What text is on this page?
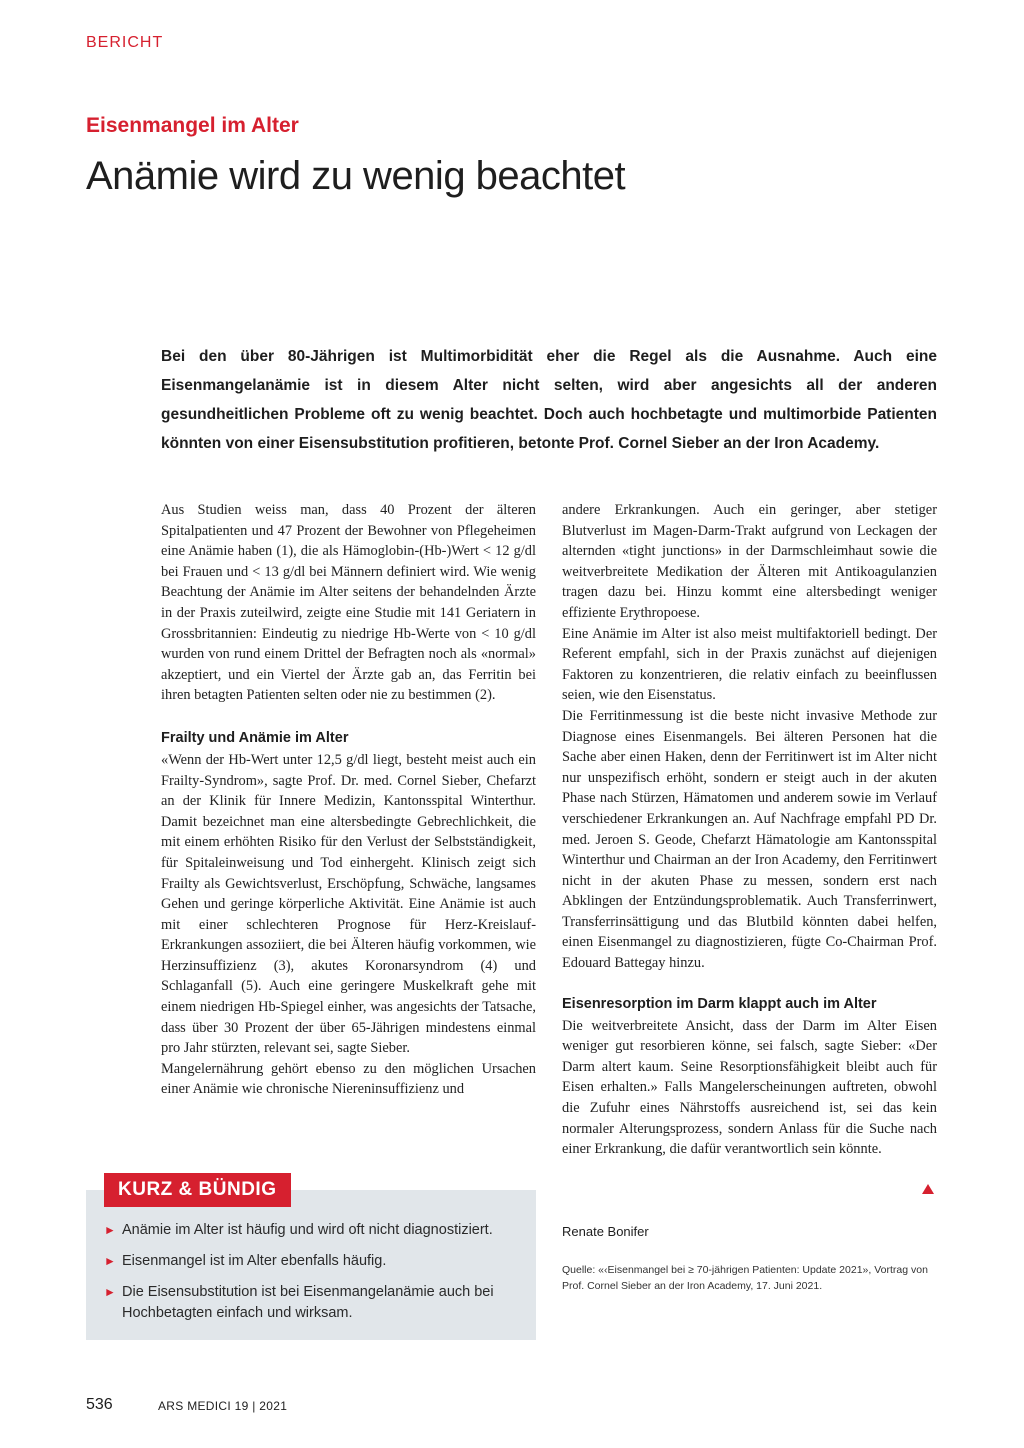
BERICHT
Eisenmangel im Alter
Anämie wird zu wenig beachtet

Bei den über 80-Jährigen ist Multimorbidität eher die Regel als die Ausnahme. Auch eine Eisenmangelanämie ist in diesem Alter nicht selten, wird aber angesichts all der anderen gesundheitlichen Probleme oft zu wenig beachtet. Doch auch hochbetagte und multimorbide Patienten könnten von einer Eisensubstitution profitieren, betonte Prof. Cornel Sieber an der Iron Academy.

Aus Studien weiss man, dass 40 Prozent der älteren Spitalpatienten und 47 Prozent der Bewohner von Pflegeheimen eine Anämie haben (1), die als Hämoglobin-(Hb-)Wert < 12 g/dl bei Frauen und < 13 g/dl bei Männern definiert wird. Wie wenig Beachtung der Anämie im Alter seitens der behandelnden Ärzte in der Praxis zuteilwird, zeigte eine Studie mit 141 Geriatern in Grossbritannien: Eindeutig zu niedrige Hb-Werte von < 10 g/dl wurden von rund einem Drittel der Befragten noch als «normal» akzeptiert, und ein Viertel der Ärzte gab an, das Ferritin bei ihren betagten Patienten selten oder nie zu bestimmen (2).

Frailty und Anämie im Alter

«Wenn der Hb-Wert unter 12,5 g/dl liegt, besteht meist auch ein Frailty-Syndrom», sagte Prof. Dr. med. Cornel Sieber, Chefarzt an der Klinik für Innere Medizin, Kantonsspital Winterthur. Damit bezeichnet man eine altersbedingte Gebrechlichkeit, die mit einem erhöhten Risiko für den Verlust der Selbstständigkeit, für Spitaleinweisung und Tod einhergeht. Klinisch zeigt sich Frailty als Gewichtsverlust, Erschöpfung, Schwäche, langsames Gehen und geringe körperliche Aktivität. Eine Anämie ist auch mit einer schlechteren Prognose für Herz-Kreislauf-Erkrankungen assoziiert, die bei Älteren häufig vorkommen, wie Herzinsuffizienz (3), akutes Koronarsyndrom (4) und Schlaganfall (5). Auch eine geringere Muskelkraft gehe mit einem niedrigen Hb-Spiegel einher, was angesichts der Tatsache, dass über 30 Prozent der über 65-Jährigen mindestens einmal pro Jahr stürzten, relevant sei, sagte Sieber.

Mangelernährung gehört ebenso zu den möglichen Ursachen einer Anämie wie chronische Niereninsuffizienz und

andere Erkrankungen. Auch ein geringer, aber stetiger Blutverlust im Magen-Darm-Trakt aufgrund von Leckagen der alternden «tight junctions» in der Darmschleimhaut sowie die weitverbreitete Medikation der Älteren mit Antikoagulanzien tragen dazu bei. Hinzu kommt eine altersbedingt weniger effiziente Erythropoese.

Eine Anämie im Alter ist also meist multifaktoriell bedingt. Der Referent empfahl, sich in der Praxis zunächst auf diejenigen Faktoren zu konzentrieren, die relativ einfach zu beeinflussen seien, wie den Eisenstatus.

Die Ferritinmessung ist die beste nicht invasive Methode zur Diagnose eines Eisenmangels. Bei älteren Personen hat die Sache aber einen Haken, denn der Ferritinwert ist im Alter nicht nur unspezifisch erhöht, sondern er steigt auch in der akuten Phase nach Stürzen, Hämatomen und anderem sowie im Verlauf verschiedener Erkrankungen an. Auf Nachfrage empfahl PD Dr. med. Jeroen S. Geode, Chefarzt Hämatologie am Kantonsspital Winterthur und Chairman an der Iron Academy, den Ferritinwert nicht in der akuten Phase zu messen, sondern erst nach Abklingen der Entzündungsproblematik. Auch Transferrinwert, Transferrinsättigung und das Blutbild könnten dabei helfen, einen Eisenmangel zu diagnostizieren, fügte Co-Chairman Prof. Edouard Battegay hinzu.

Eisenresorption im Darm klappt auch im Alter

Die weitverbreitete Ansicht, dass der Darm im Alter Eisen weniger gut resorbieren könne, sei falsch, sagte Sieber: «Der Darm altert kaum. Seine Resorptionsfähigkeit bleibt auch für Eisen erhalten.» Falls Mangelerscheinungen auftreten, obwohl die Zufuhr eines Nährstoffs ausreichend ist, sei das kein normaler Alterungsprozess, sondern Anlass für die Suche nach einer Erkrankung, die dafür verantwortlich sein könnte.

KURZ & BÜNDIG
► Anämie im Alter ist häufig und wird oft nicht diagnostiziert.
► Eisenmangel ist im Alter ebenfalls häufig.
► Die Eisensubstitution ist bei Eisenmangelanämie auch bei Hochbetagten einfach und wirksam.
Renate Bonifer

Quelle: «‹Eisenmangel bei ≥ 70-jährigen Patienten: Update 2021», Vortrag von Prof. Cornel Sieber an der Iron Academy, 17. Juni 2021.

536	ARS MEDICI 19 | 2021
